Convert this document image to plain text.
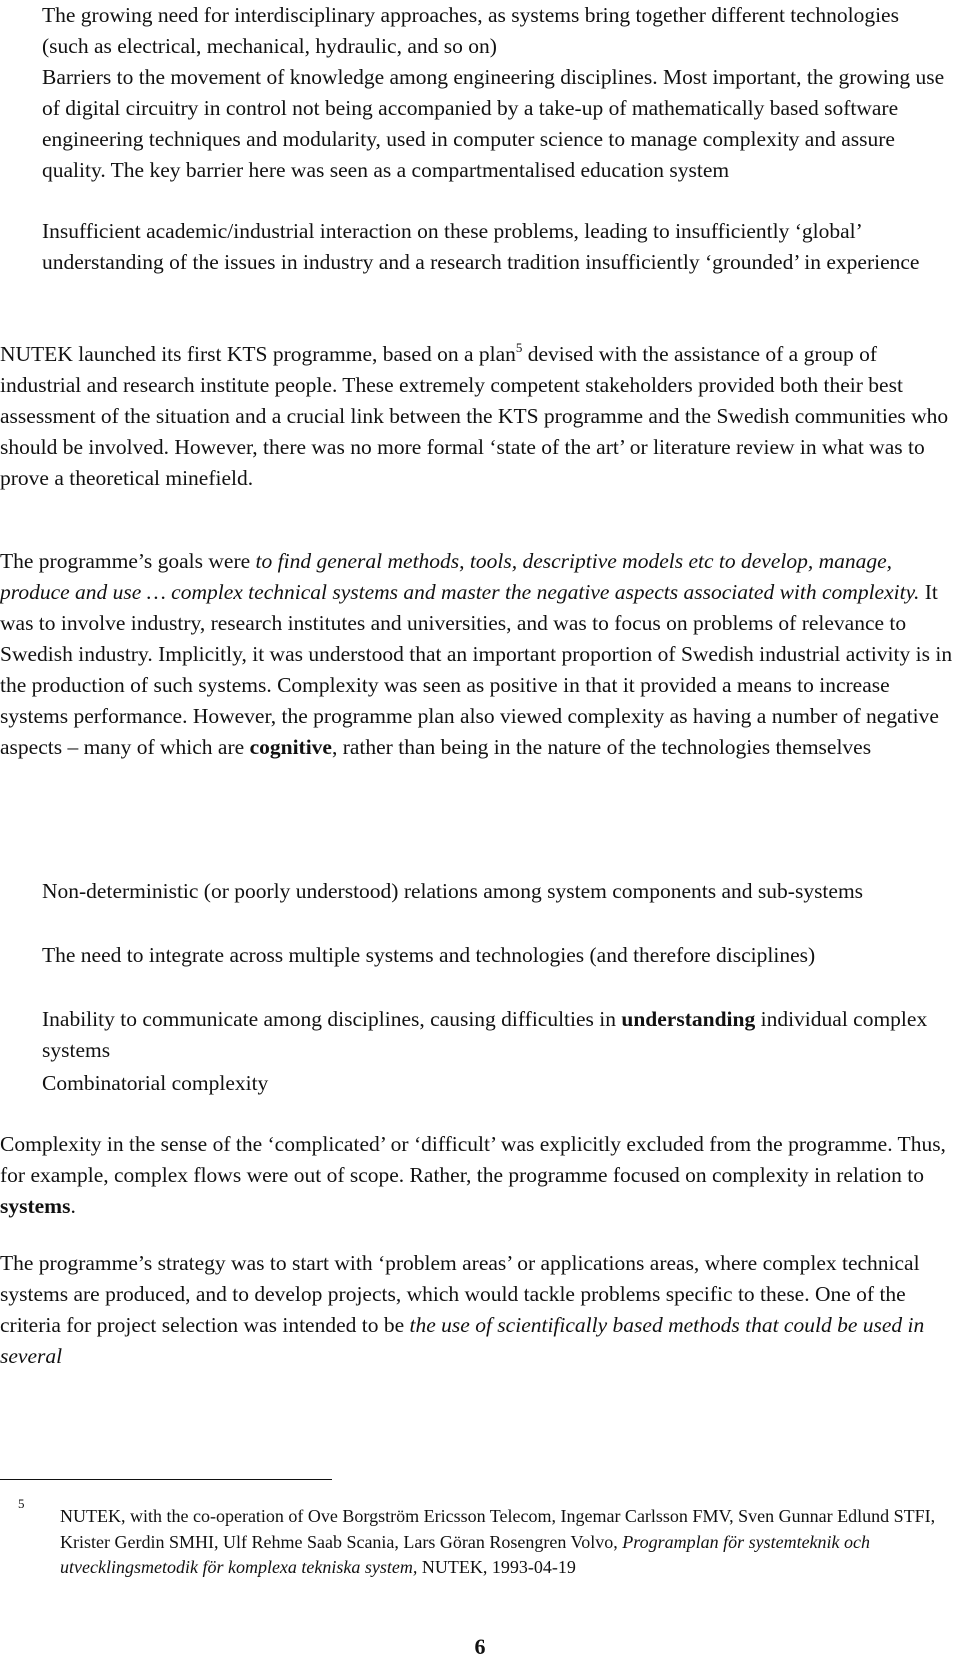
The growing need for interdisciplinary approaches, as systems bring together different technologies (such as electrical, mechanical, hydraulic, and so on)

Barriers to the movement of knowledge among engineering disciplines. Most important, the growing use of digital circuitry in control not being accompanied by a take-up of mathematically based software engineering techniques and modularity, used in computer science to manage complexity and assure quality. The key barrier here was seen as a compartmentalised education system

Insufficient academic/industrial interaction on these problems, leading to insufficiently ‘global’ understanding of the issues in industry and a research tradition insufficiently ‘grounded’ in experience

NUTEK launched its first KTS programme, based on a plan$^5$ devised with the assistance of a group of industrial and research institute people. These extremely competent stakeholders provided both their best assessment of the situation and a crucial link between the KTS programme and the Swedish communities who should be involved. However, there was no more formal ‘state of the art’ or literature review in what was to prove a theoretical minefield.

The programme’s goals were to find general methods, tools, descriptive models etc to develop, manage, produce and use … complex technical systems and master the negative aspects associated with complexity. It was to involve industry, research institutes and universities, and was to focus on problems of relevance to Swedish industry. Implicitly, it was understood that an important proportion of Swedish industrial activity is in the production of such systems. Complexity was seen as positive in that it provided a means to increase systems performance. However, the programme plan also viewed complexity as having a number of negative aspects – many of which are cognitive, rather than being in the nature of the technologies themselves

Non-deterministic (or poorly understood) relations among system components and sub-systems

The need to integrate across multiple systems and technologies (and therefore disciplines)

Inability to communicate among disciplines, causing difficulties in understanding individual complex systems

Combinatorial complexity

Complexity in the sense of the ‘complicated’ or ‘difficult’ was explicitly excluded from the programme. Thus, for example, complex flows were out of scope. Rather, the programme focused on complexity in relation to systems.

The programme’s strategy was to start with ‘problem areas’ or applications areas, where complex technical systems are produced, and to develop projects, which would tackle problems specific to these. One of the criteria for project selection was intended to be the use of scientifically based methods that could be used in several

5
NUTEK, with the co-operation of Ove Borgström Ericsson Telecom, Ingemar Carlsson FMV, Sven Gunnar Edlund STFI, Krister Gerdin SMHI, Ulf Rehme Saab Scania, Lars Göran Rosengren Volvo, Programplan för systemteknik och utvecklingsmetodik för komplexa tekniska system, NUTEK, 1993-04-19
6
